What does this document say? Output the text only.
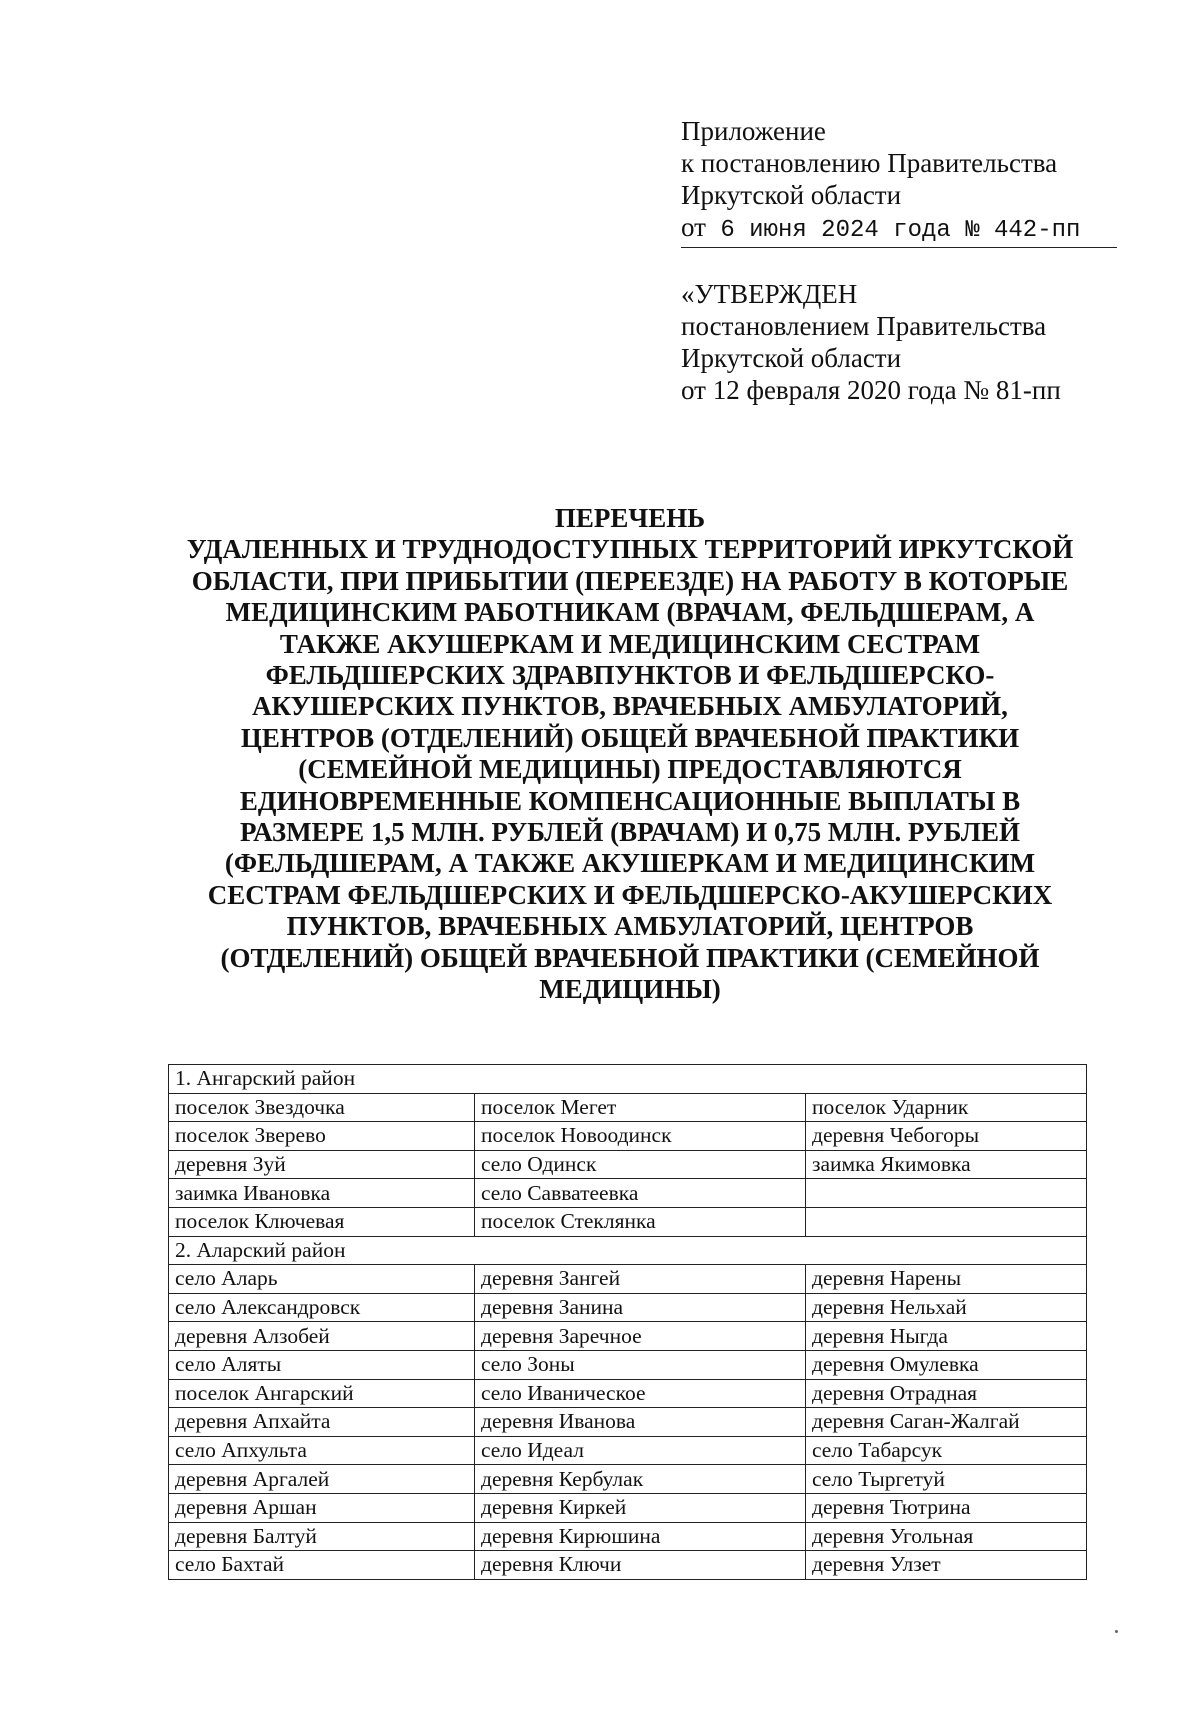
Приложение
к постановлению Правительства
Иркутской области
от 6 июня 2024 года № 442-пп
«УТВЕРЖДЕН
постановлением Правительства
Иркутской области
от 12 февраля 2020 года № 81-пп
ПЕРЕЧЕНЬ
УДАЛЕННЫХ И ТРУДНОДОСТУПНЫХ ТЕРРИТОРИЙ ИРКУТСКОЙ
ОБЛАСТИ, ПРИ ПРИБЫТИИ (ПЕРЕЕЗДЕ) НА РАБОТУ В КОТОРЫЕ
МЕДИЦИНСКИМ РАБОТНИКАМ (ВРАЧАМ, ФЕЛЬДШЕРАМ, А
ТАКЖЕ АКУШЕРКАМ И МЕДИЦИНСКИМ СЕСТРАМ
ФЕЛЬДШЕРСКИХ ЗДРАВПУНКТОВ И ФЕЛЬДШЕРСКО-
АКУШЕРСКИХ ПУНКТОВ, ВРАЧЕБНЫХ АМБУЛАТОРИЙ,
ЦЕНТРОВ (ОТДЕЛЕНИЙ) ОБЩЕЙ ВРАЧЕБНОЙ ПРАКТИКИ
(СЕМЕЙНОЙ МЕДИЦИНЫ) ПРЕДОСТАВЛЯЮТСЯ
ЕДИНОВРЕМЕННЫЕ КОМПЕНСАЦИОННЫЕ ВЫПЛАТЫ В
РАЗМЕРЕ 1,5 МЛН. РУБЛЕЙ (ВРАЧАМ) И 0,75 МЛН. РУБЛЕЙ
(ФЕЛЬДШЕРАМ, А ТАКЖЕ АКУШЕРКАМ И МЕДИЦИНСКИМ
СЕСТРАМ ФЕЛЬДШЕРСКИХ И ФЕЛЬДШЕРСКО-АКУШЕРСКИХ
ПУНКТОВ, ВРАЧЕБНЫХ АМБУЛАТОРИЙ, ЦЕНТРОВ
(ОТДЕЛЕНИЙ) ОБЩЕЙ ВРАЧЕБНОЙ ПРАКТИКИ (СЕМЕЙНОЙ
МЕДИЦИНЫ)
1. Ангарский район		
поселок Звездочка	поселок Мегет	поселок Ударник
поселок Зверево	поселок Новоодинск	деревня Чебогоры
деревня Зуй	село Одинск	заимка Якимовка
заимка Ивановка	село Савватеевка	
поселок Ключевая	поселок Стеклянка	
2. Аларский район		
село Аларь	деревня Зангей	деревня Нарены
село Александровск	деревня Занина	деревня Нельхай
деревня Алзобей	деревня Заречное	деревня Ныгда
село Аляты	село Зоны	деревня Омулевка
поселок Ангарский	село Иваническое	деревня Отрадная
деревня Апхайта	деревня Иванова	деревня Саган-Жалгай
село Апхульта	село Идеал	село Табарсук
деревня Аргалей	деревня Кербулак	село Тыргетуй
деревня Аршан	деревня Киркей	деревня Тютрина
деревня Балтуй	деревня Кирюшина	деревня Угольная
село Бахтай	деревня Ключи	деревня Улзет
